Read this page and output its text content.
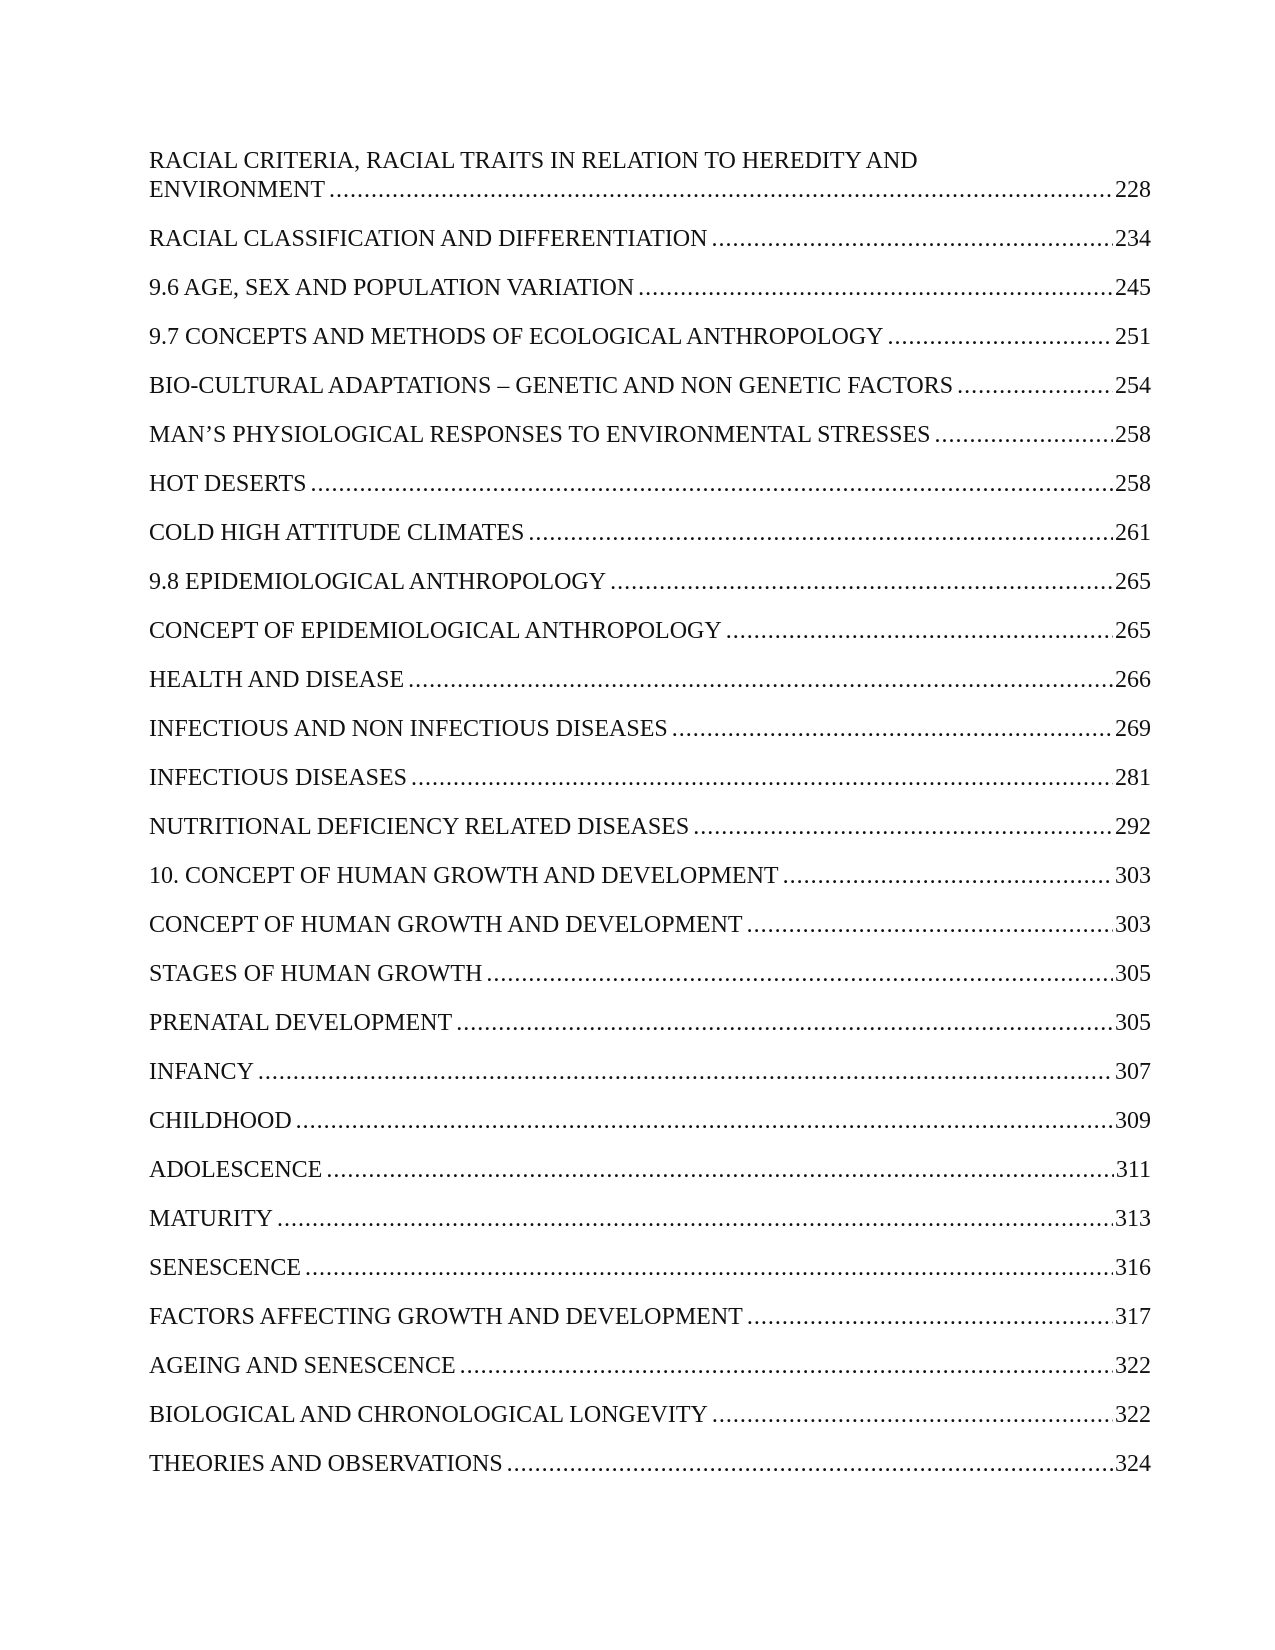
RACIAL CRITERIA, RACIAL TRAITS IN RELATION TO HEREDITY AND
ENVIRONMENT .....	228
RACIAL CLASSIFICATION AND DIFFERENTIATION .....	234
9.6 AGE, SEX AND POPULATION VARIATION .....	245
9.7 CONCEPTS AND METHODS OF ECOLOGICAL ANTHROPOLOGY .....	251
BIO-CULTURAL ADAPTATIONS – GENETIC AND NON GENETIC FACTORS .....	254
MAN’S PHYSIOLOGICAL RESPONSES TO ENVIRONMENTAL STRESSES .....	258
HOT DESERTS .....	258
COLD HIGH ATTITUDE CLIMATES .....	261
9.8 EPIDEMIOLOGICAL ANTHROPOLOGY .....	265
CONCEPT OF EPIDEMIOLOGICAL ANTHROPOLOGY .....	265
HEALTH AND DISEASE .....	266
INFECTIOUS AND NON INFECTIOUS DISEASES .....	269
INFECTIOUS DISEASES .....	281
NUTRITIONAL DEFICIENCY RELATED DISEASES .....	292
10. CONCEPT OF HUMAN GROWTH AND DEVELOPMENT .....	303
CONCEPT OF HUMAN GROWTH AND DEVELOPMENT .....	303
STAGES OF HUMAN GROWTH .....	305
PRENATAL DEVELOPMENT .....	305
INFANCY .....	307
CHILDHOOD .....	309
ADOLESCENCE .....	311
MATURITY .....	313
SENESCENCE .....	316
FACTORS AFFECTING GROWTH AND DEVELOPMENT .....	317
AGEING AND SENESCENCE .....	322
BIOLOGICAL AND CHRONOLOGICAL LONGEVITY .....	322
THEORIES AND OBSERVATIONS .....	324
